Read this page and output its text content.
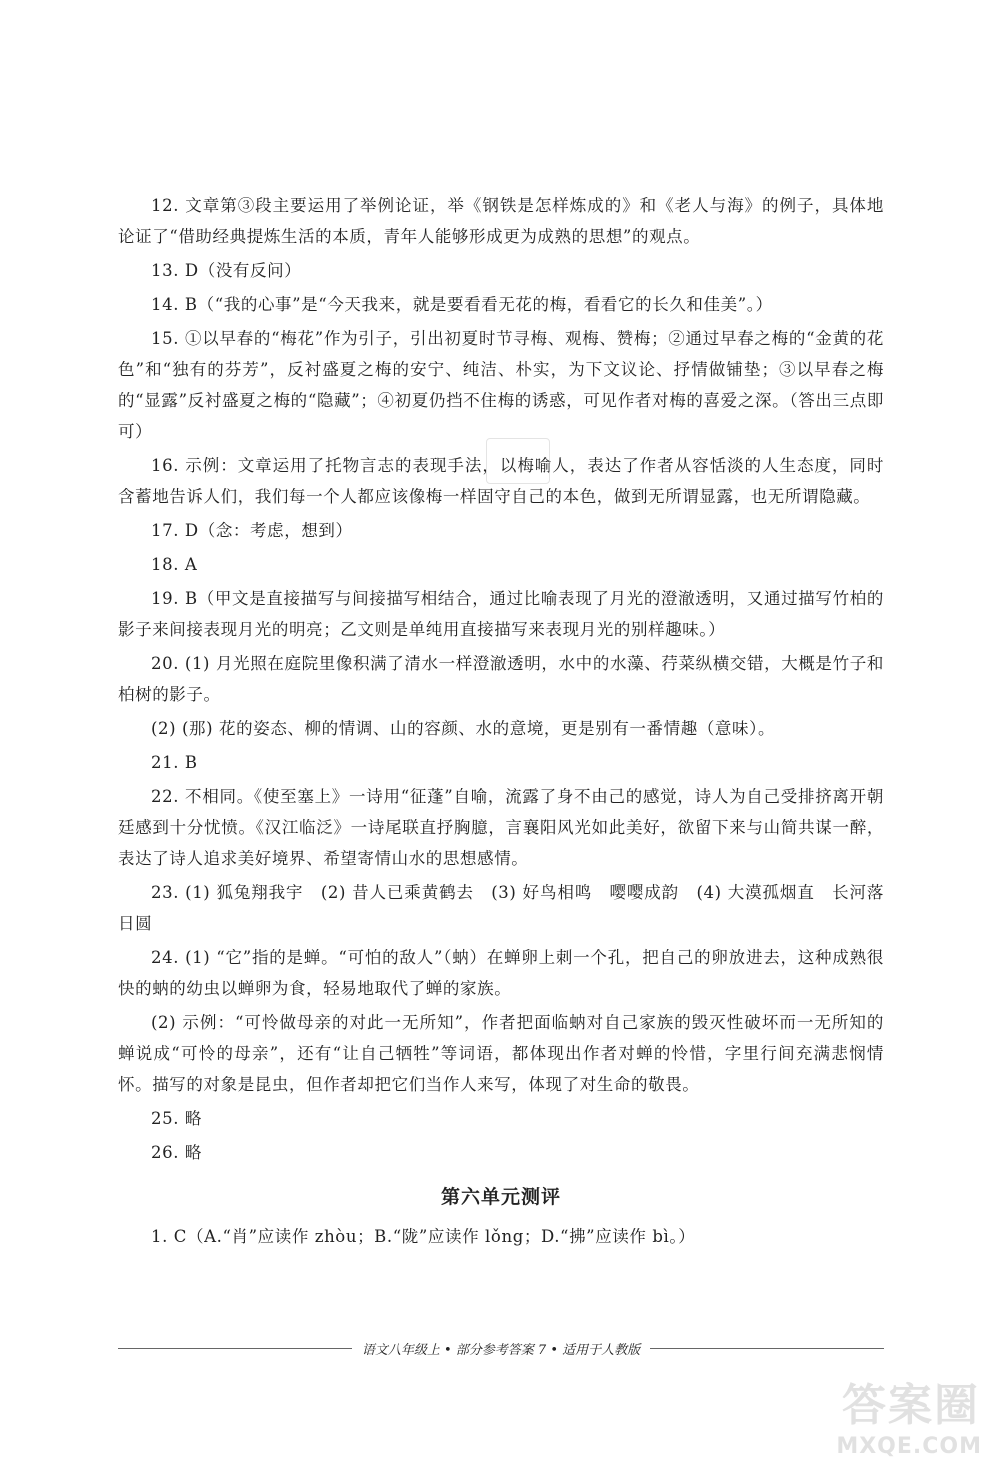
12. 文章第③段主要运用了举例论证，举《钢铁是怎样炼成的》和《老人与海》的例子，具体地论证了“借助经典提炼生活的本质，青年人能够形成更为成熟的思想”的观点。

13. D（没有反问）

14. B（“我的心事”是“今天我来，就是要看看无花的梅，看看它的长久和佳美”。）

15. ①以早春的“梅花”作为引子，引出初夏时节寻梅、观梅、赞梅；②通过早春之梅的“金黄的花色”和“独有的芬芳”，反衬盛夏之梅的安宁、纯洁、朴实，为下文议论、抒情做铺垫；③以早春之梅的“显露”反衬盛夏之梅的“隐藏”；④初夏仍挡不住梅的诱惑，可见作者对梅的喜爱之深。（答出三点即可）

16. 示例：文章运用了托物言志的表现手法，以梅喻人，表达了作者从容恬淡的人生态度，同时含蓄地告诉人们，我们每一个人都应该像梅一样固守自己的本色，做到无所谓显露，也无所谓隐藏。

17. D（念：考虑，想到）

18. A

19. B（甲文是直接描写与间接描写相结合，通过比喻表现了月光的澄澈透明，又通过描写竹柏的影子来间接表现月光的明亮；乙文则是单纯用直接描写来表现月光的别样趣味。）

20. (1) 月光照在庭院里像积满了清水一样澄澈透明，水中的水藻、荇菜纵横交错，大概是竹子和柏树的影子。

(2) (那) 花的姿态、柳的情调、山的容颜、水的意境，更是别有一番情趣（意味）。

21. B

22. 不相同。《使至塞上》一诗用“征蓬”自喻，流露了身不由己的感觉，诗人为自己受排挤离开朝廷感到十分忧愤。《汉江临泛》一诗尾联直抒胸臆，言襄阳风光如此美好，欲留下来与山简共谋一醉，表达了诗人追求美好境界、希望寄情山水的思想感情。

23. (1) 狐兔翔我宇　(2) 昔人已乘黄鹤去　(3) 好鸟相鸣　嘤嘤成韵　(4) 大漠孤烟直　长河落日圆

24. (1) “它”指的是蝉。“可怕的敌人”（蚋）在蝉卵上刺一个孔，把自己的卵放进去，这种成熟很快的蚋的幼虫以蝉卵为食，轻易地取代了蝉的家族。

(2) 示例：“可怜做母亲的对此一无所知”，作者把面临蚋对自己家族的毁灭性破坏而一无所知的蝉说成“可怜的母亲”，还有“让自己牺牲”等词语，都体现出作者对蝉的怜惜，字里行间充满悲悯情怀。描写的对象是昆虫，但作者却把它们当作人来写，体现了对生命的敬畏。

25. 略

26. 略

第六单元测评

1. C（A.“肖”应读作 zhòu；B.“陇”应读作 lǒng；D.“拂”应读作 bì。）

语文八年级上 • 部分参考答案 7 • 适用于人教版
答案圈
MXQE.COM
